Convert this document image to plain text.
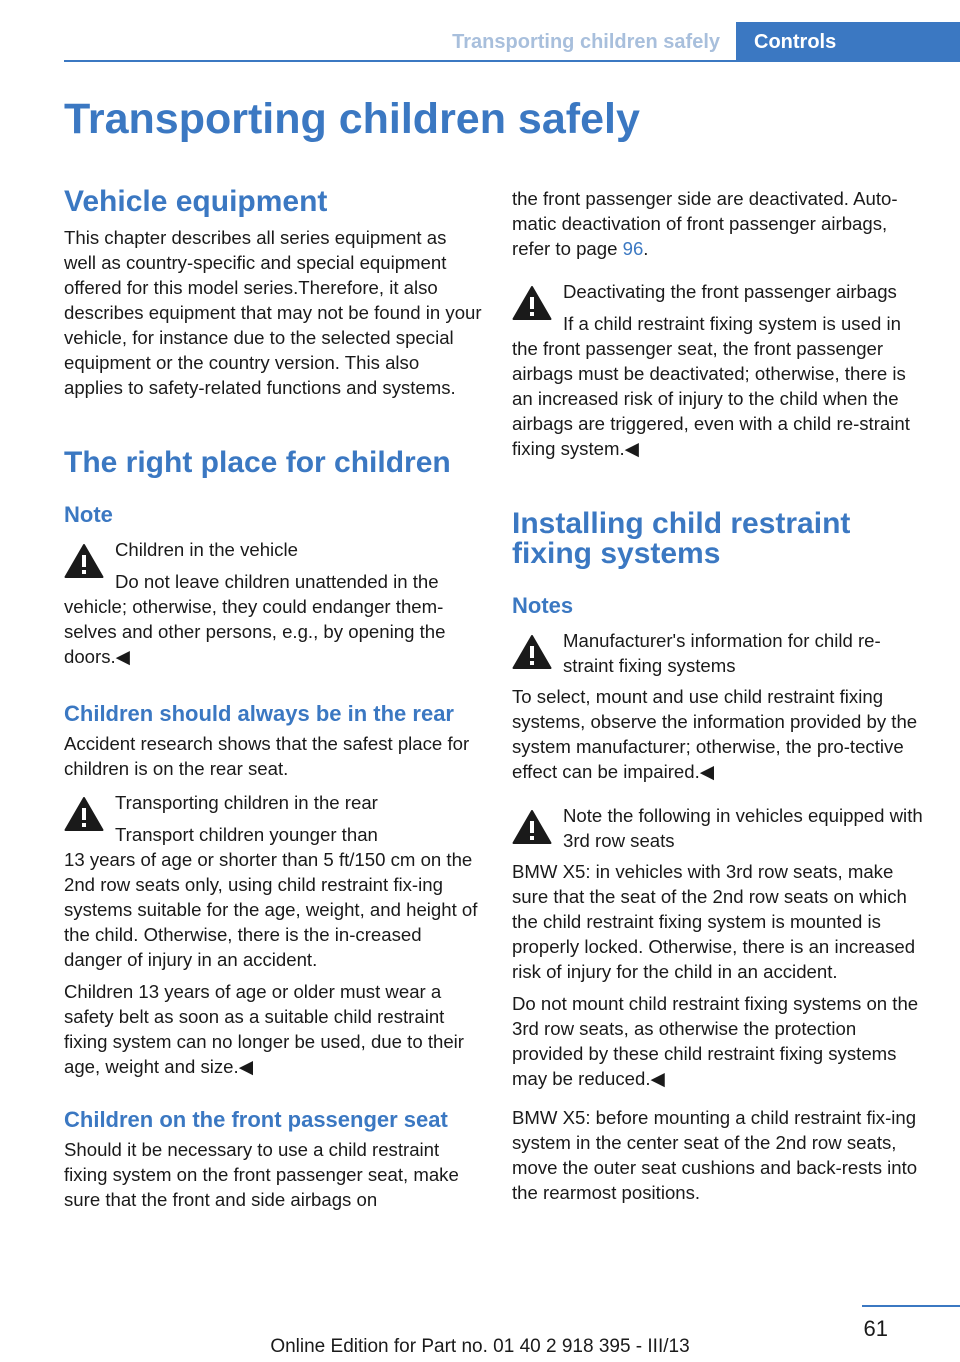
Transporting children safely	Controls
Transporting children safely
Vehicle equipment

This chapter describes all series equipment as well as country-specific and special equipment offered for this model series.Therefore, it also describes equipment that may not be found in your vehicle, for instance due to the selected special equipment or the country version. This also applies to safety-related functions and systems.

The right place for children
Note

Children in the vehicle

Do not leave children unattended in the

vehicle; otherwise, they could endanger them-selves and other persons, e.g., by opening the doors.◀

Children should always be in the rear

Accident research shows that the safest place for children is on the rear seat.

Transporting children in the rear

Transport children younger than

13 years of age or shorter than 5 ft/150 cm on the 2nd row seats only, using child restraint fix-ing systems suitable for the age, weight, and height of the child. Otherwise, there is the in-creased danger of injury in an accident.

Children 13 years of age or older must wear a safety belt as soon as a suitable child restraint fixing system can no longer be used, due to their age, weight and size.◀

Children on the front passenger seat

Should it be necessary to use a child restraint fixing system on the front passenger seat, make sure that the front and side airbags on

the front passenger side are deactivated. Auto-matic deactivation of front passenger airbags, refer to page 96.

Deactivating the front passenger airbags

If a child restraint fixing system is used in

the front passenger seat, the front passenger airbags must be deactivated; otherwise, there is an increased risk of injury to the child when the airbags are triggered, even with a child re-straint fixing system.◀

Installing child restraint fixing systems
Notes

Manufacturer's information for child re-straint fixing systems

To select, mount and use child restraint fixing systems, observe the information provided by the system manufacturer; otherwise, the pro-tective effect can be impaired.◀

Note the following in vehicles equipped with 3rd row seats

BMW X5: in vehicles with 3rd row seats, make sure that the seat of the 2nd row seats on which the child restraint fixing system is mounted is properly locked. Otherwise, there is an increased risk of injury for the child in an accident.

Do not mount child restraint fixing systems on the 3rd row seats, as otherwise the protection provided by these child restraint fixing systems may be reduced.◀

BMW X5: before mounting a child restraint fix-ing system in the center seat of the 2nd row seats, move the outer seat cushions and back-rests into the rearmost positions.

61
Online Edition for Part no. 01 40 2 918 395 - III/13
